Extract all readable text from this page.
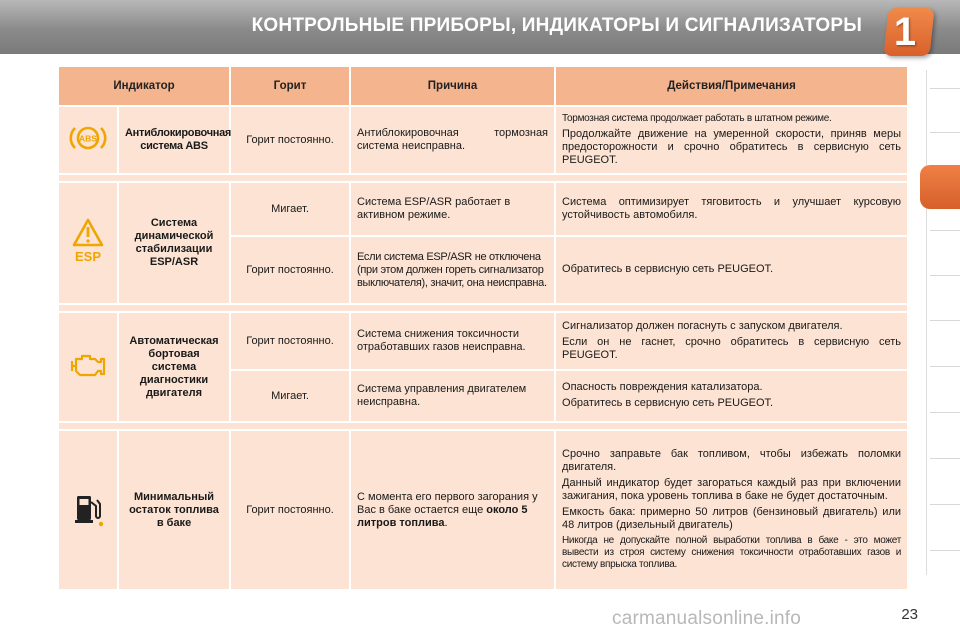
КОНТРОЛЬНЫЕ ПРИБОРЫ, ИНДИКАТОРЫ И СИГНАЛИЗАТОРЫ 1
Индикатор		Горит	Причина	Действия/Примечания

ABS	Антиблокировочная система ABS	Горит постоянно.	Антиблокировочная тормозная система неисправна.	Тормозная система продолжает работать в штатном режиме.

Продолжайте движение на умеренной скорости, приняв меры предосторожности и срочно обратитесь в сервисную сеть PEUGEOT.

ESP	Система динамической стабилизации ESP/ASR	Мигает.	Система ESP/ASR работает в активном режиме.	Система оптимизирует тяговитость и улучшает курсовую устойчивость автомобиля.

		Горит постоянно.	Если система ESP/ASR не отключена (при этом должен гореть сигнализатор выключателя), значит, она неисправна.	Обратитесь в сервисную сеть PEUGEOT.

	Автоматическая бортовая система диагностики двигателя	Горит постоянно.	Система снижения токсичности отработавших газов неисправна.	Сигнализатор должен погаснуть с запуском двигателя.

Если он не гаснет, срочно обратитесь в сервисную сеть PEUGEOT.

		Мигает.	Система управления двигателем неисправна.	Опасность повреждения катализатора.

Обратитесь в сервисную сеть PEUGEOT.

	Минимальный остаток топлива в баке	Горит постоянно.	С момента его первого загорания у Вас в баке остается еще около 5 литров топлива.	Срочно заправьте бак топливом, чтобы избежать поломки двигателя.

Данный индикатор будет загораться каждый раз при включении зажигания, пока уровень топлива в баке не будет достаточным.

Емкость бака: примерно 50 литров (бензиновый двигатель) или 48 литров (дизельный двигатель)

Никогда не допускайте полной выработки топлива в баке - это может вывести из строя систему снижения токсичности отработавших газов и систему впрыска топлива.

carmanualsonline.info	23
